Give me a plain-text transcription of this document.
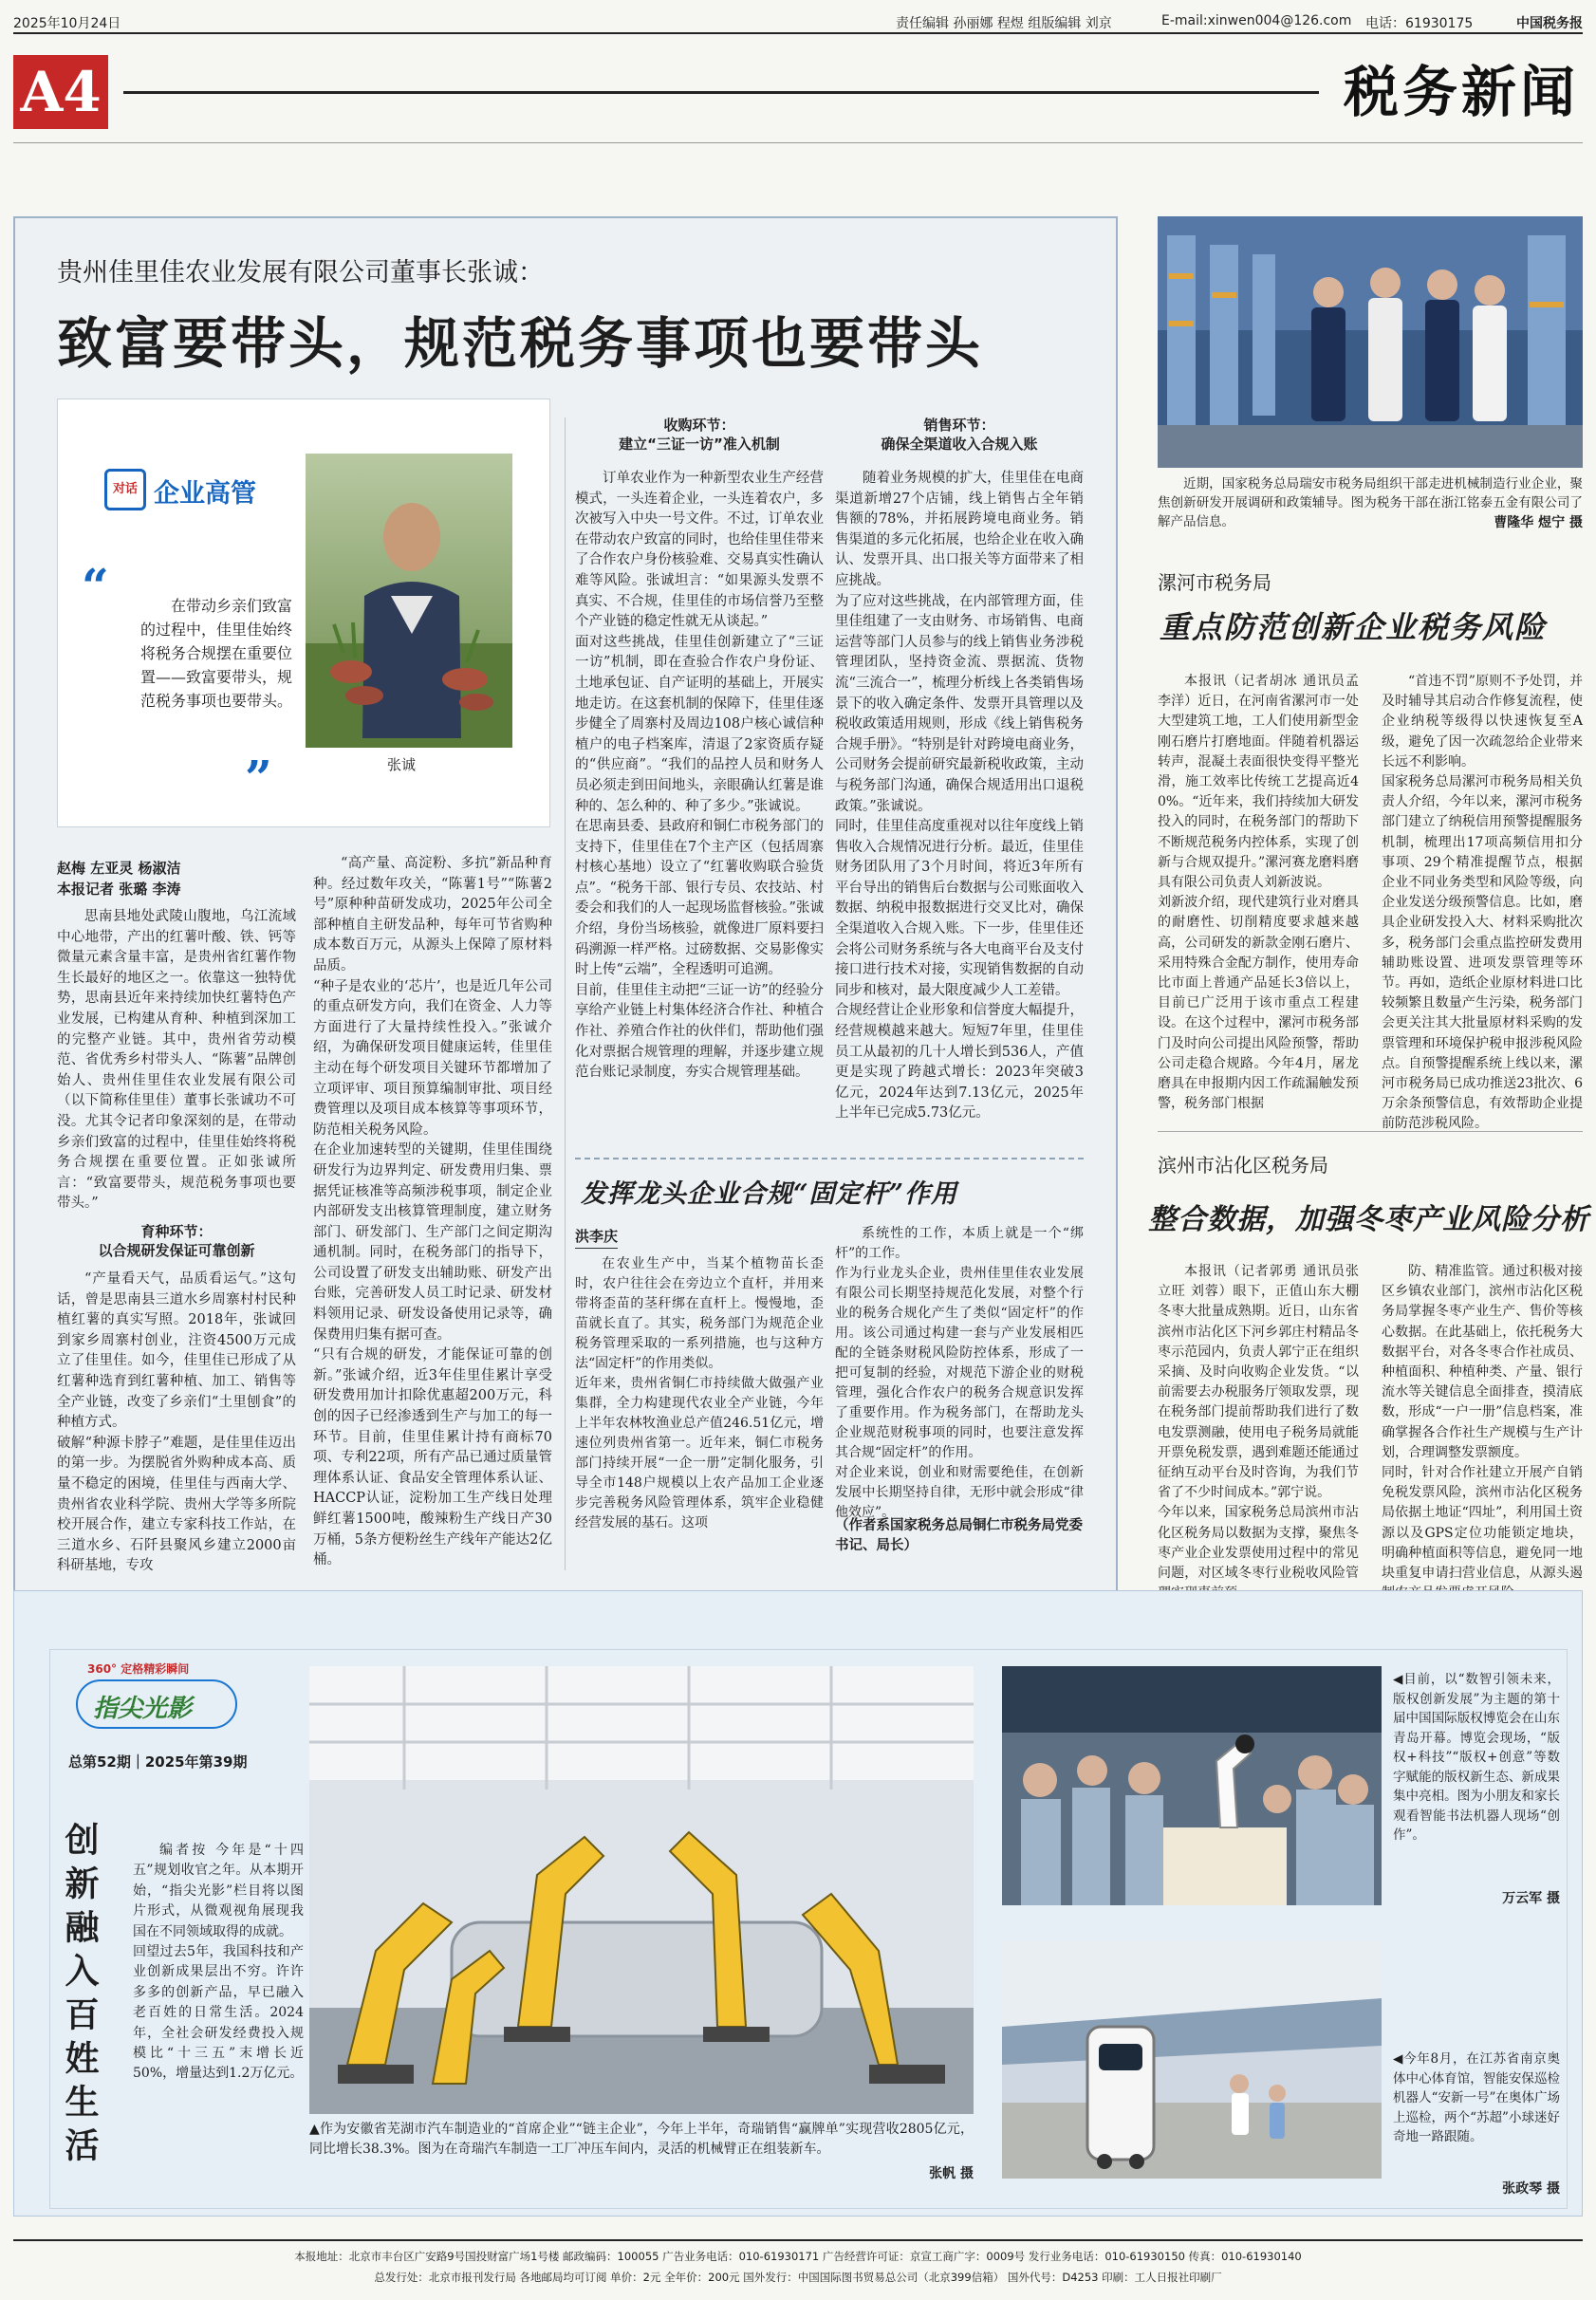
2025年10月24日	责任编辑 孙丽娜 程煜 组版编辑 刘京	E-mail:xinwen004@126.com 电话：61930175	中国税务报
A4	税务新闻
贵州佳里佳农业发展有限公司董事长张诚：
致富要带头，规范税务事项也要带头
对话 企业高管
“	在带动乡亲们致富的过程中，佳里佳始终将税务合规摆在重要位置——致富要带头，规范税务事项也要带头。
”	张诚
赵梅 左亚灵 杨淑洁
本报记者 张璐 李涛
思南县地处武陵山腹地，乌江流域中心地带，产出的红薯叶酸、铁、钙等微量元素含量丰富，是贵州省红薯作物生长最好的地区之一。依靠这一独特优势，思南县近年来持续加快红薯特色产业发展，已构建从育种、种植到深加工的完整产业链。其中，贵州省劳动模范、省优秀乡村带头人、“陈薯”品牌创始人、贵州佳里佳农业发展有限公司（以下简称佳里佳）董事长张诚功不可没。尤其令记者印象深刻的是，在带动乡亲们致富的过程中，佳里佳始终将税务合规摆在重要位置。正如张诚所言：“致富要带头，规范税务事项也要带头。”
育种环节：
以合规研发保证可靠创新
“产量看天气，品质看运气。”这句话，曾是思南县三道水乡周寨村村民种植红薯的真实写照。2018年，张诚回到家乡周寨村创业，注资4500万元成立了佳里佳。如今，佳里佳已形成了从红薯种选育到红薯种植、加工、销售等全产业链，改变了乡亲们“土里刨食”的种植方式。
破解“种源卡脖子”难题，是佳里佳迈出的第一步。为摆脱省外购种成本高、质量不稳定的困境，佳里佳与西南大学、贵州省农业科学院、贵州大学等多所院校开展合作，建立专家科技工作站，在三道水乡、石阡县聚风乡建立2000亩科研基地，专攻
“高产量、高淀粉、多抗”新品种育种。经过数年攻关，“陈薯1号”“陈薯2号”原种种苗研发成功，2025年公司全部种植自主研发品种，每年可节省购种成本数百万元，从源头上保障了原材料品质。
“种子是农业的‘芯片’，也是近几年公司的重点研发方向，我们在资金、人力等方面进行了大量持续性投入。”张诚介绍，为确保研发项目健康运转，佳里佳主动在每个研发项目关键环节都增加了立项评审、项目预算编制审批、项目经费管理以及项目成本核算等事项环节，防范相关税务风险。
在企业加速转型的关键期，佳里佳围绕研发行为边界判定、研发费用归集、票据凭证核准等高频涉税事项，制定企业内部研发支出核算管理制度，建立财务部门、研发部门、生产部门之间定期沟通机制。同时，在税务部门的指导下，公司设置了研发支出辅助账、研发产出台账，完善研发人员工时记录、研发材料领用记录、研发设备使用记录等，确保费用归集有据可查。
“只有合规的研发，才能保证可靠的创新。”张诚介绍，近3年佳里佳累计享受研发费用加计扣除优惠超200万元，科创的因子已经渗透到生产与加工的每一环节。目前，佳里佳累计持有商标70项、专利22项，所有产品已通过质量管理体系认证、食品安全管理体系认证、HACCP认证，淀粉加工生产线日处理鲜红薯1500吨，酸辣粉生产线日产30万桶，5条方便粉丝生产线年产能达2亿桶。
收购环节：
建立“三证一访”准入机制
订单农业作为一种新型农业生产经营模式，一头连着企业，一头连着农户，多次被写入中央一号文件。不过，订单农业在带动农户致富的同时，也给佳里佳带来了合作农户身份核验难、交易真实性确认难等风险。张诚坦言：“如果源头发票不真实、不合规，佳里佳的市场信誉乃至整个产业链的稳定性就无从谈起。”
面对这些挑战，佳里佳创新建立了“三证一访”机制，即在查验合作农户身份证、土地承包证、自产证明的基础上，开展实地走访。在这套机制的保障下，佳里佳逐步健全了周寨村及周边108户核心诚信种植户的电子档案库，清退了2家资质存疑的“供应商”。“我们的品控人员和财务人员必须走到田间地头，亲眼确认红薯是谁种的、怎么种的、种了多少。”张诚说。
在思南县委、县政府和铜仁市税务部门的支持下，佳里佳在7个主产区（包括周寨村核心基地）设立了“红薯收购联合验货点”。“税务干部、银行专员、农技站、村委会和我们的人一起现场监督核验。”张诚介绍，身份当场核验，就像进厂原料要扫码溯源一样严格。过磅数据、交易影像实时上传“云端”，全程透明可追溯。
目前，佳里佳主动把“三证一访”的经验分享给产业链上村集体经济合作社、种植合作社、养殖合作社的伙伴们，帮助他们强化对票据合规管理的理解，并逐步建立规范台账记录制度，夯实合规管理基础。
销售环节：
确保全渠道收入合规入账
随着业务规模的扩大，佳里佳在电商渠道新增27个店铺，线上销售占全年销售额的78%，并拓展跨境电商业务。销售渠道的多元化拓展，也给企业在收入确认、发票开具、出口报关等方面带来了相应挑战。
为了应对这些挑战，在内部管理方面，佳里佳组建了一支由财务、市场销售、电商运营等部门人员参与的线上销售业务涉税管理团队，坚持资金流、票据流、货物流“三流合一”，梳理分析线上各类销售场景下的收入确定条件、发票开具管理以及税收政策适用规则，形成《线上销售税务合规手册》。“特别是针对跨境电商业务，公司财务会提前研究最新税收政策，主动与税务部门沟通，确保合规适用出口退税政策。”张诚说。
同时，佳里佳高度重视对以往年度线上销售收入合规情况进行分析。最近，佳里佳财务团队用了3个月时间，将近3年所有平台导出的销售后台数据与公司账面收入数据、纳税申报数据进行交叉比对，确保全渠道收入合规入账。下一步，佳里佳还会将公司财务系统与各大电商平台及支付接口进行技术对接，实现销售数据的自动同步和核对，最大限度减少人工差错。
合规经营让企业形象和信誉度大幅提升，经营规模越来越大。短短7年里，佳里佳员工从最初的几十人增长到536人，产值更是实现了跨越式增长：2023年突破3亿元，2024年达到7.13亿元，2025年上半年已完成5.73亿元。
发挥龙头企业合规“固定杆”作用
洪李庆
在农业生产中，当某个植物苗长歪时，农户往往会在旁边立个直杆，并用来带将歪苗的茎秆绑在直杆上。慢慢地，歪苗就长直了。其实，税务部门为规范企业税务管理采取的一系列措施，也与这种方法“固定杆”的作用类似。
近年来，贵州省铜仁市持续做大做强产业集群，全力构建现代农业全产业链，今年上半年农林牧渔业总产值246.51亿元，增速位列贵州省第一。近年来，铜仁市税务部门持续开展“一企一册”定制化服务，引导全市148户规模以上农产品加工企业逐步完善税务风险管理体系，筑牢企业稳健经营发展的基石。这项
系统性的工作，本质上就是一个“绑杆”的工作。
作为行业龙头企业，贵州佳里佳农业发展有限公司长期坚持规范化发展，对整个行业的税务合规化产生了类似“固定杆”的作用。该公司通过构建一套与产业发展相匹配的全链条财税风险防控体系，形成了一把可复制的经验，对规范下游企业的财税管理，强化合作农户的税务合规意识发挥了重要作用。作为税务部门，在帮助龙头企业规范财税事项的同时，也要注意发挥其合规“固定杆”的作用。
对企业来说，创业和财需要绝佳，在创新发展中长期坚持自律，无形中就会形成“律他效应”。
（作者系国家税务总局铜仁市税务局党委书记、局长）
近期，国家税务总局瑞安市税务局组织干部走进机械制造行业企业，聚焦创新研发开展调研和政策辅导。图为税务干部在浙江铭泰五金有限公司了解产品信息。	曹隆华 煜宁 摄
漯河市税务局
重点防范创新企业税务风险
本报讯（记者胡冰 通讯员孟李洋）近日，在河南省漯河市一处大型建筑工地，工人们使用新型金刚石磨片打磨地面。伴随着机器运转声，混凝土表面很快变得平整光滑，施工效率比传统工艺提高近40%。“近年来，我们持续加大研发投入的同时，在税务部门的帮助下不断规范税务内控体系，实现了创新与合规双提升。”漯河赛龙磨料磨具有限公司负责人刘新波说。
刘新波介绍，现代建筑行业对磨具的耐磨性、切削精度要求越来越高，公司研发的新款金刚石磨片、采用特殊合金配方制作，使用寿命比市面上普通产品延长3倍以上，目前已广泛用于该市重点工程建设。在这个过程中，漯河市税务部门及时向公司提出风险预警，帮助公司走稳合规路。今年4月，屠龙磨具在申报期内因工作疏漏触发预警，税务部门根据
“首违不罚”原则不予处罚，并及时辅导其启动合作修复流程，使企业纳税等级得以快速恢复至A级，避免了因一次疏忽给企业带来长远不利影响。
国家税务总局漯河市税务局相关负责人介绍，今年以来，漯河市税务部门建立了纳税信用预警提醒服务机制，梳理出17项高频信用扣分事项、29个精准提醒节点，根据企业不同业务类型和风险等级，向企业发送分级预警信息。比如，磨具企业研发投入大、材料采购批次多，税务部门会重点监控研发费用辅助账设置、进项发票管理等环节。再如，造纸企业原材料进口比较频繁且数量产生污染，税务部门会更关注其大批量原材料采购的发票管理和环境保护税申报涉税风险点。自预警提醒系统上线以来，漯河市税务局已成功推送23批次、6万余条预警信息，有效帮助企业提前防范涉税风险。
滨州市沾化区税务局
整合数据，加强冬枣产业风险分析
本报讯（记者郭勇 通讯员张立旺 刘蓉）眼下，正值山东大棚冬枣大批量成熟期。近日，山东省滨州市沾化区下河乡郭庄村精品冬枣示范园内，负责人郭宁正在组织采摘、及时向收购企业发货。“以前需要去办税服务厅领取发票，现在税务部门提前帮助我们进行了数电发票测融，使用电子税务局就能开票免税发票，遇到难题还能通过征纳互动平台及时咨询，为我们节省了不少时间成本。”郭宁说。
今年以来，国家税务总局滨州市沾化区税务局以数据为支撑，聚焦冬枣产业企业发票使用过程中的常见问题，对区域冬枣行业税收风险管
防、精准监管。通过积极对接区乡镇农业部门，滨州市沾化区税务局掌握冬枣产业生产、售价等核心数据。在此基础上，依托税务大数据平台，对各冬枣合作社成员、种植面积、种植种类、产量、银行流水等关键信息全面排查，摸清底数，形成“一户一册”信息档案，准确掌握各合作社生产规模与生产计划，合理调整发票额度。
同时，针对合作社建立开展产自销免税发票风险，滨州市沾化区税务局依据土地证“四址”，利用国土资源以及GPS定位功能锁定地块，明确种植面积等信息，避免同一地块重复申请扫营业信息，从源头遏
360° 定格精彩瞬间
指尖光影
总第52期｜2025年第39期
创新融入百姓生活	编者按 今年是“十四五”规划收官之年。从本期开始，“指尖光影”栏目将以图片形式，从微观视角展现我国在不同领域取得的成就。
回望过去5年，我国科技和产业创新成果层出不穷。许许多多的创新产品，早已融入老百姓的日常生活。2024年，全社会研发经费投入规模比“十三五”末增长近50%，增量达到1.2万亿元。
▲作为安徽省芜湖市汽车制造业的“首席企业”“链主企业”，今年上半年，奇瑞销售“赢牌单”实现营收2805亿元，同比增长38.3%。图为在奇瑞汽车制造一工厂冲压车间内，灵活的机械臂正在组装新车。
张帆 摄
◀目前，以“数智引领未来，版权创新发展”为主题的第十届中国国际版权博览会在山东青岛开幕。博览会现场，“版权+科技”“版权+创意”等数字赋能的版权新生态、新成果集中亮相。图为小朋友和家长观看智能书法机器人现场“创作”。
万云军 摄
◀今年8月，在江苏省南京奥体中心体育馆，智能安保巡检机器人“安新一号”在奥体广场上巡检，两个“苏超”小球迷好奇地一路跟随。
张政琴 摄
本报地址：北京市丰台区广安路9号国投财富广场1号楼 邮政编码：100055 广告业务电话：010-61930171 广告经营许可证：京宣工商广字：0009号 发行业务电话：010-61930150 传真：010-61930140
总发行处：北京市报刊发行局 各地邮局均可订阅 单价：2元 全年价：200元 国外发行：中国国际图书贸易总公司（北京399信箱） 国外代号：D4253 印刷：工人日报社印刷厂
